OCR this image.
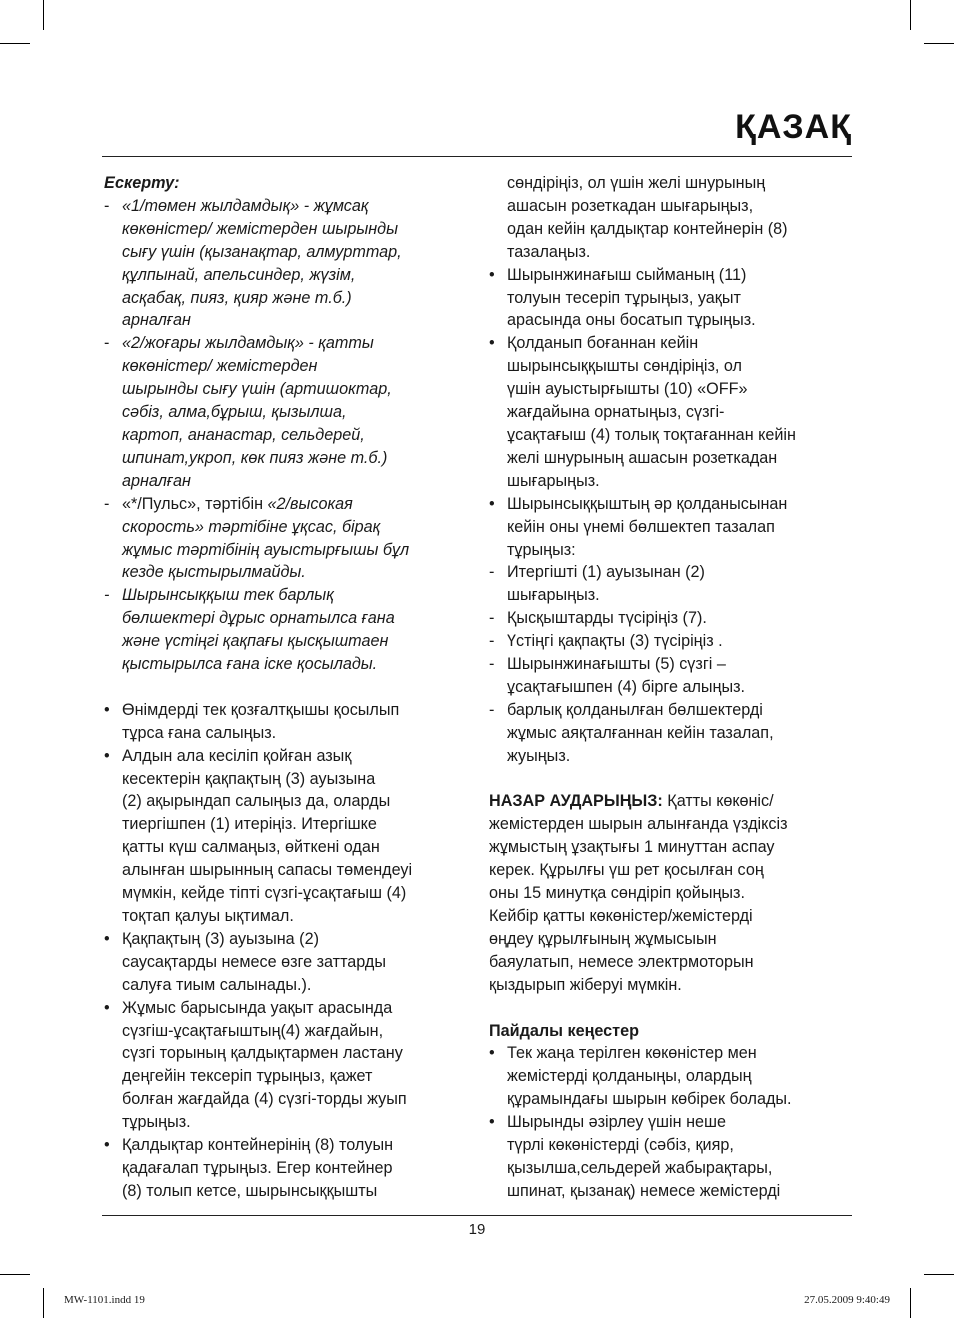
ҚАЗАҚ
Ескерту:
- «1/төмен жылдамдық» - жұмсақ
көкөністер/ жемістерден шырынды
сығу үшін (қызанақтар, алмурттар,
құлпынай, апельсиндер, жүзім,
асқабақ, пияз, қияр және т.б.)
арналған
- «2/жоғары жылдамдық» - қатты
көкөністер/ жемістерден
шырынды сығу үшін (артишоктар,
сәбіз, алма,бұрыш, қызылша,
картоп, ананастар, сельдерей,
шпинат,укроп, көк пияз және т.б.)
арналған
- «*/Пульс», тәртібін «2/высокая
скорость» тәртібіне ұқсас, бірақ
жұмыс тәртібінің ауыстырғышы бұл
кезде қыстырылмайды.
- Шырынсыққыш тек барлық
бөлшектері дұрыс орнатылса ғана
және үстіңгі қақпағы қысқыштаен
қыстырылса ғана іске қосылады.
• Өнімдерді тек қозғалтқышы қосылып
тұрса ғана салыңыз.
• Алдын ала кесіліп қойған азық
кесектерін қақпақтың (3) ауызына
(2) ақырындап салыңыз да, оларды
тиергішпен (1) итеріңіз. Итергішке
қатты күш салмаңыз, өйткені одан
алынған шырынның сапасы төмендеуі
мүмкін, кейде тіпті сүзгі-ұсақтағыш (4)
тоқтап қалуы ықтимал.
• Қақпақтың (3) ауызына (2)
саусақтарды немесе өзге заттарды
салуға тиым салынады.).
• Жұмыс барысында уақыт арасында
сүзгіш-ұсақтағыштың(4) жағдайын,
сүзгі торының қалдықтармен ластану
деңгейін тексеріп тұрыңыз, қажет
болған жағдайда (4) сүзгі-торды жуып
тұрыңыз.
• Қалдықтар контейнерінің (8) толуын
қадағалап тұрыңыз. Егер контейнер
(8) толып кетсе, шырынсыққышты
сөндіріңіз, ол үшін желі шнурының
ашасын розеткадан шығарыңыз,
одан кейін қалдықтар контейнерін (8)
тазалаңыз.
• Шырынжинағыш сыйманың (11)
толуын тесеріп тұрыңыз, уақыт
арасында оны босатып тұрыңыз.
• Қолданып боғаннан кейін
шырынсыққышты сөндіріңіз, ол
үшін ауыстырғышты (10) «OFF»
жағдайына орнатыңыз, сүзгі-
ұсақтағыш (4) толық тоқтағаннан кейін
желі шнурының ашасын розеткадан
шығарыңыз.
• Шырынсыққыштың әр қолданысынан
кейін оны үнемі бөлшектеп тазалап
тұрыңыз:
- Итергішті (1) ауызынан (2)
шығарыңыз.
- Қысқыштарды түсіріңіз (7).
- Үстіңгі қақпақты (3) түсіріңіз .
- Шырынжинағышты (5) сүзгі –
ұсақтағышпен (4) бірге алыңыз.
- барлық қолданылған бөлшектерді
жұмыс аяқталғаннан кейін тазалап,
жуыңыз.
НАЗАР АУДАРЫҢЫЗ: Қатты көкөніс/
жемістерден шырын алынғанда үздіксіз
жұмыстың ұзақтығы 1 минуттан аспау
керек. Құрылғы үш рет қосылған соң
оны 15 минутқа сөндіріп қойыңыз.
Кейбір қатты көкөністер/жемістерді
өңдеу құрылғының жұмысыын
баяулатып, немесе электрмоторын
қыздырып жіберуі мүмкін.
Пайдалы кеңестер
• Тек жаңа терілген көкөністер мен
жемістерді қолданыңы, олардың
құрамындағы шырын көбірек болады.
• Шырынды әзірлеу үшін неше
түрлі көкөністерді (сәбіз, қияр,
қызылша,сельдерей жабырақтары,
шпинат, қызанақ) немесе жемістерді
19
MW-1101.indd 19	27.05.2009 9:40:49
